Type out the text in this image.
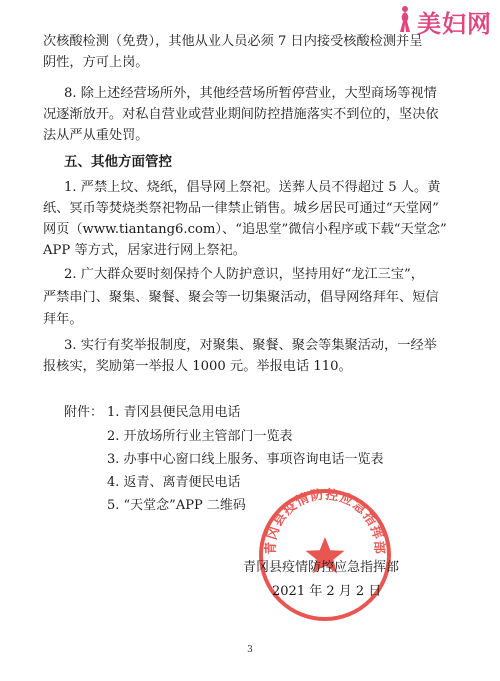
美妇网
次核酸检测（免费），其他从业人员必须 7 日内接受核酸检测并呈
阴性，方可上岗。
8. 除上述经营场所外，其他经营场所暂停营业，大型商场等视情
况逐渐放开。对私自营业或营业期间防控措施落实不到位的，坚决依
法从严从重处罚。
五、其他方面管控
1. 严禁上坟、烧纸，倡导网上祭祀。送葬人员不得超过 5 人。黄
纸、冥币等焚烧类祭祀物品一律禁止销售。城乡居民可通过“天堂网”
网页（www.tiantang6.com）、“追思堂”微信小程序或下载“天堂念”
APP 等方式，居家进行网上祭祀。
2. 广大群众要时刻保持个人防护意识，坚持用好“龙江三宝”，
严禁串门、聚集、聚餐、聚会等一切集聚活动，倡导网络拜年、短信
拜年。
3. 实行有奖举报制度，对聚集、聚餐、聚会等集聚活动，一经举
报核实，奖励第一举报人 1000 元。举报电话 110。
附件： 1. 青冈县便民急用电话
2. 开放场所行业主管部门一览表
3. 办事中心窗口线上服务、事项咨询电话一览表
4. 返青、离青便民电话
5. “天堂念”APP 二维码
青冈县疫情防控应急指挥部
青冈县疫情防控应急指挥部
2021 年 2 月 2 日
3
